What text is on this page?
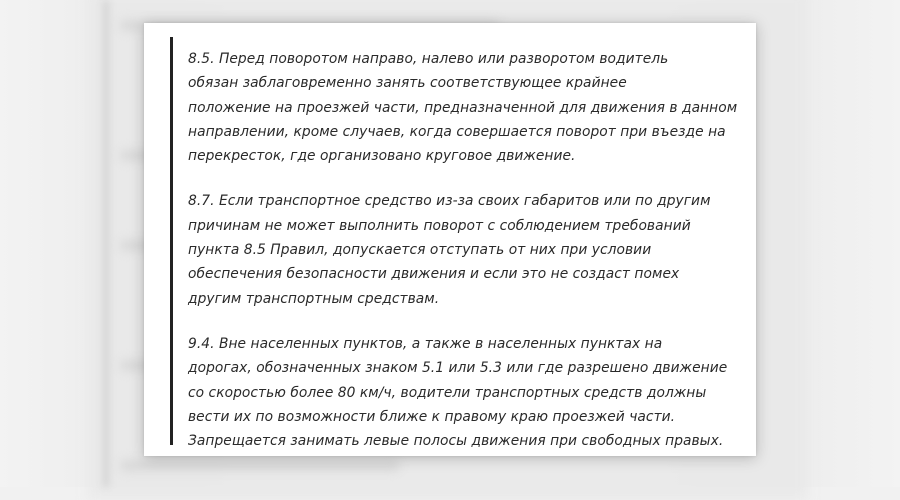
8.5. Перед поворотом направо, налево или разворотом водитель
обязан заблаговременно занять соответствующее крайнее
положение на проезжей части, предназначенной для движения в данном
направлении, кроме случаев, когда совершается поворот при въезде на
перекресток, где организовано круговое движение.

8.7. Если транспортное средство из-за своих габаритов или по другим
причинам не может выполнить поворот с соблюдением требований
пункта 8.5 Правил, допускается отступать от них при условии
обеспечения безопасности движения и если это не создаст помех
другим транспортным средствам.

9.4. Вне населенных пунктов, а также в населенных пунктах на
дорогах, обозначенных знаком 5.1 или 5.3 или где разрешено движение
со скоростью более 80 км/ч, водители транспортных средств должны
вести их по возможности ближе к правому краю проезжей части.
Запрещается занимать левые полосы движения при свободных правых.
